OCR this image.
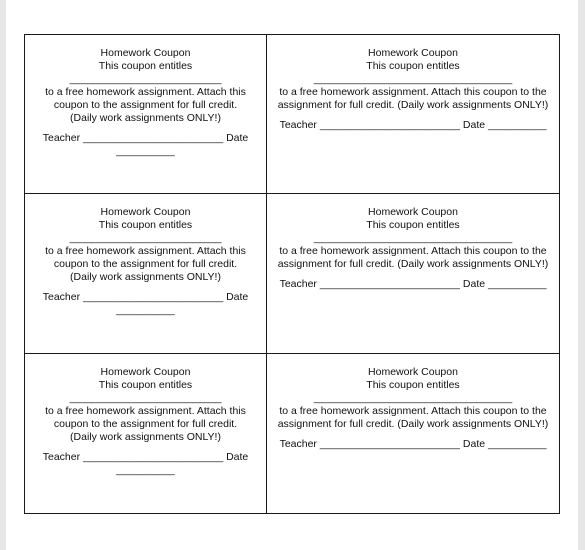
Homework Coupon
This coupon entitles
__________________________
to a free homework assignment. Attach this coupon to the assignment for full credit. (Daily work assignments ONLY!)
Teacher ________________________ Date
__________
Homework Coupon
This coupon entitles
__________________________________
to a free homework assignment. Attach this coupon to the assignment for full credit. (Daily work assignments ONLY!)
Teacher ________________________ Date __________
Homework Coupon
This coupon entitles
__________________________
to a free homework assignment. Attach this coupon to the assignment for full credit. (Daily work assignments ONLY!)
Teacher ________________________ Date
__________
Homework Coupon
This coupon entitles
__________________________________
to a free homework assignment. Attach this coupon to the assignment for full credit. (Daily work assignments ONLY!)
Teacher ________________________ Date __________
Homework Coupon
This coupon entitles
__________________________
to a free homework assignment. Attach this coupon to the assignment for full credit. (Daily work assignments ONLY!)
Teacher ________________________ Date
__________
Homework Coupon
This coupon entitles
__________________________________
to a free homework assignment. Attach this coupon to the assignment for full credit. (Daily work assignments ONLY!)
Teacher ________________________ Date __________
